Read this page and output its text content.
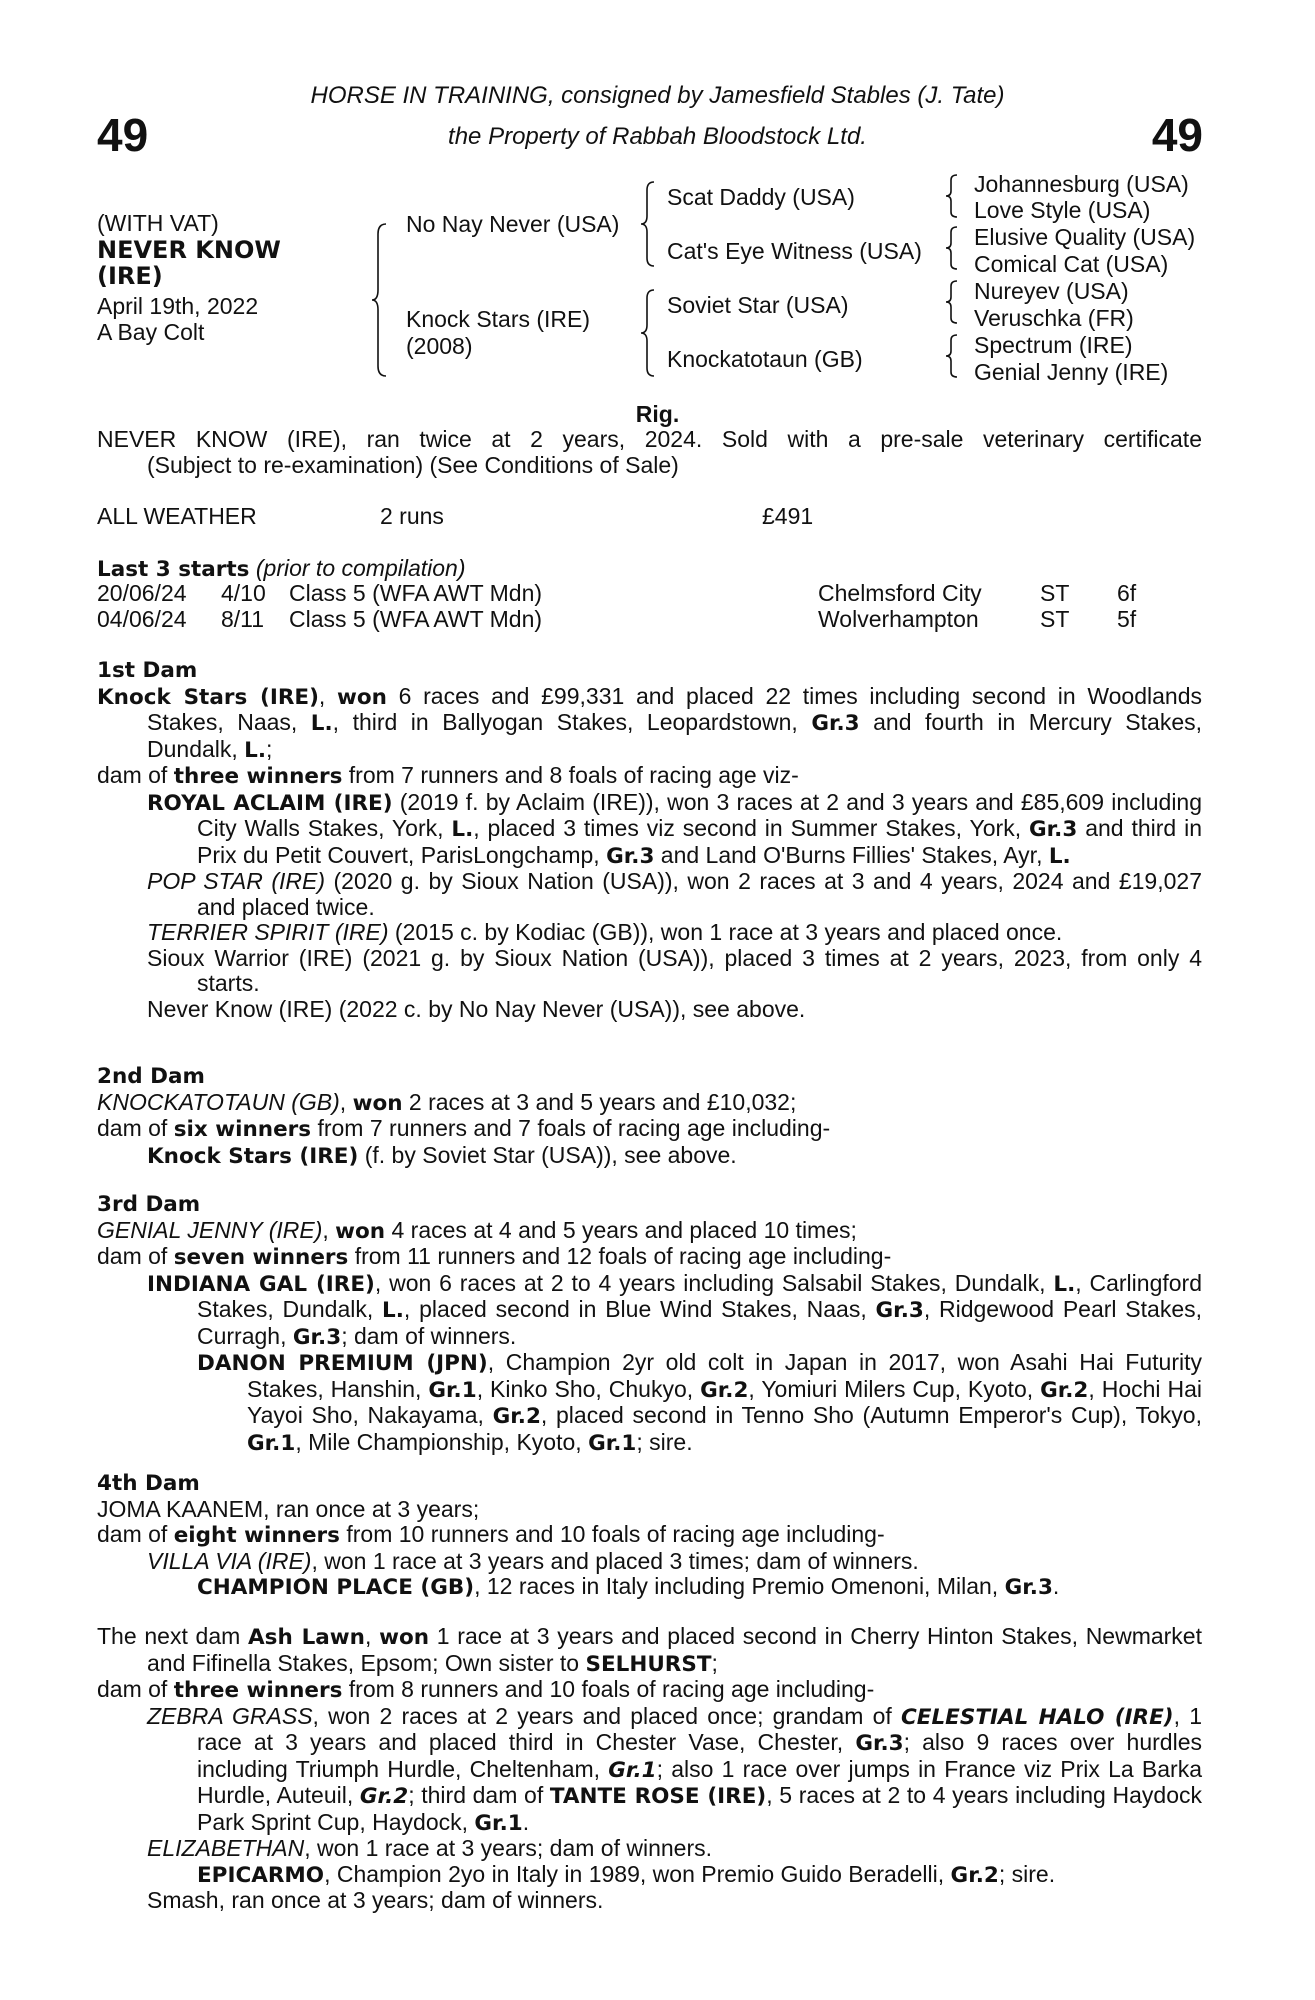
49	49
HORSE IN TRAINING, consigned by Jamesfield Stables (J. Tate)
the Property of Rabbah Bloodstock Ltd.
(WITH VAT)
NEVER KNOW
(IRE)
April 19th, 2022
A Bay Colt
No Nay Never (USA)
Knock Stars (IRE)
(2008)
Scat Daddy (USA)
Cat's Eye Witness (USA)
Soviet Star (USA)
Knockatotaun (GB)
Johannesburg (USA)
Love Style (USA)
Elusive Quality (USA)
Comical Cat (USA)
Nureyev (USA)
Veruschka (FR)
Spectrum (IRE)
Genial Jenny (IRE)
Rig.
NEVER KNOW (IRE), ran twice at 2 years, 2024. Sold with a pre-sale veterinary certificate
(Subject to re-examination) (See Conditions of Sale)
ALL WEATHER	2 runs	£491
Last 3 starts (prior to compilation)
20/06/24 4/10 Class 5 (WFA AWT Mdn)	Chelmsford City	ST 6f
04/06/24 8/11 Class 5 (WFA AWT Mdn)	Wolverhampton	ST 5f
1st Dam
Knock Stars (IRE), won 6 races and £99,331 and placed 22 times including second in Woodlands Stakes, Naas, L., third in Ballyogan Stakes, Leopardstown, Gr.3 and fourth in Mercury Stakes, Dundalk, L.;
dam of three winners from 7 runners and 8 foals of racing age viz-
ROYAL ACLAIM (IRE) (2019 f. by Aclaim (IRE)), won 3 races at 2 and 3 years and £85,609 including City Walls Stakes, York, L., placed 3 times viz second in Summer Stakes, York, Gr.3 and third in Prix du Petit Couvert, ParisLongchamp, Gr.3 and Land O'Burns Fillies' Stakes, Ayr, L.
POP STAR (IRE) (2020 g. by Sioux Nation (USA)), won 2 races at 3 and 4 years, 2024 and £19,027 and placed twice.
TERRIER SPIRIT (IRE) (2015 c. by Kodiac (GB)), won 1 race at 3 years and placed once.
Sioux Warrior (IRE) (2021 g. by Sioux Nation (USA)), placed 3 times at 2 years, 2023, from only 4 starts.
Never Know (IRE) (2022 c. by No Nay Never (USA)), see above.
2nd Dam
KNOCKATOTAUN (GB), won 2 races at 3 and 5 years and £10,032;
dam of six winners from 7 runners and 7 foals of racing age including-
Knock Stars (IRE) (f. by Soviet Star (USA)), see above.
3rd Dam
GENIAL JENNY (IRE), won 4 races at 4 and 5 years and placed 10 times;
dam of seven winners from 11 runners and 12 foals of racing age including-
INDIANA GAL (IRE), won 6 races at 2 to 4 years including Salsabil Stakes, Dundalk, L., Carlingford Stakes, Dundalk, L., placed second in Blue Wind Stakes, Naas, Gr.3, Ridgewood Pearl Stakes, Curragh, Gr.3; dam of winners.
DANON PREMIUM (JPN), Champion 2yr old colt in Japan in 2017, won Asahi Hai Futurity Stakes, Hanshin, Gr.1, Kinko Sho, Chukyo, Gr.2, Yomiuri Milers Cup, Kyoto, Gr.2, Hochi Hai Yayoi Sho, Nakayama, Gr.2, placed second in Tenno Sho (Autumn Emperor's Cup), Tokyo, Gr.1, Mile Championship, Kyoto, Gr.1; sire.
4th Dam
JOMA KAANEM, ran once at 3 years;
dam of eight winners from 10 runners and 10 foals of racing age including-
VILLA VIA (IRE), won 1 race at 3 years and placed 3 times; dam of winners.
CHAMPION PLACE (GB), 12 races in Italy including Premio Omenoni, Milan, Gr.3.
The next dam Ash Lawn, won 1 race at 3 years and placed second in Cherry Hinton Stakes, Newmarket and Fifinella Stakes, Epsom; Own sister to SELHURST;
dam of three winners from 8 runners and 10 foals of racing age including-
ZEBRA GRASS, won 2 races at 2 years and placed once; grandam of CELESTIAL HALO (IRE), 1 race at 3 years and placed third in Chester Vase, Chester, Gr.3; also 9 races over hurdles including Triumph Hurdle, Cheltenham, Gr.1; also 1 race over jumps in France viz Prix La Barka Hurdle, Auteuil, Gr.2; third dam of TANTE ROSE (IRE), 5 races at 2 to 4 years including Haydock Park Sprint Cup, Haydock, Gr.1.
ELIZABETHAN, won 1 race at 3 years; dam of winners.
EPICARMO, Champion 2yo in Italy in 1989, won Premio Guido Beradelli, Gr.2; sire.
Smash, ran once at 3 years; dam of winners.
